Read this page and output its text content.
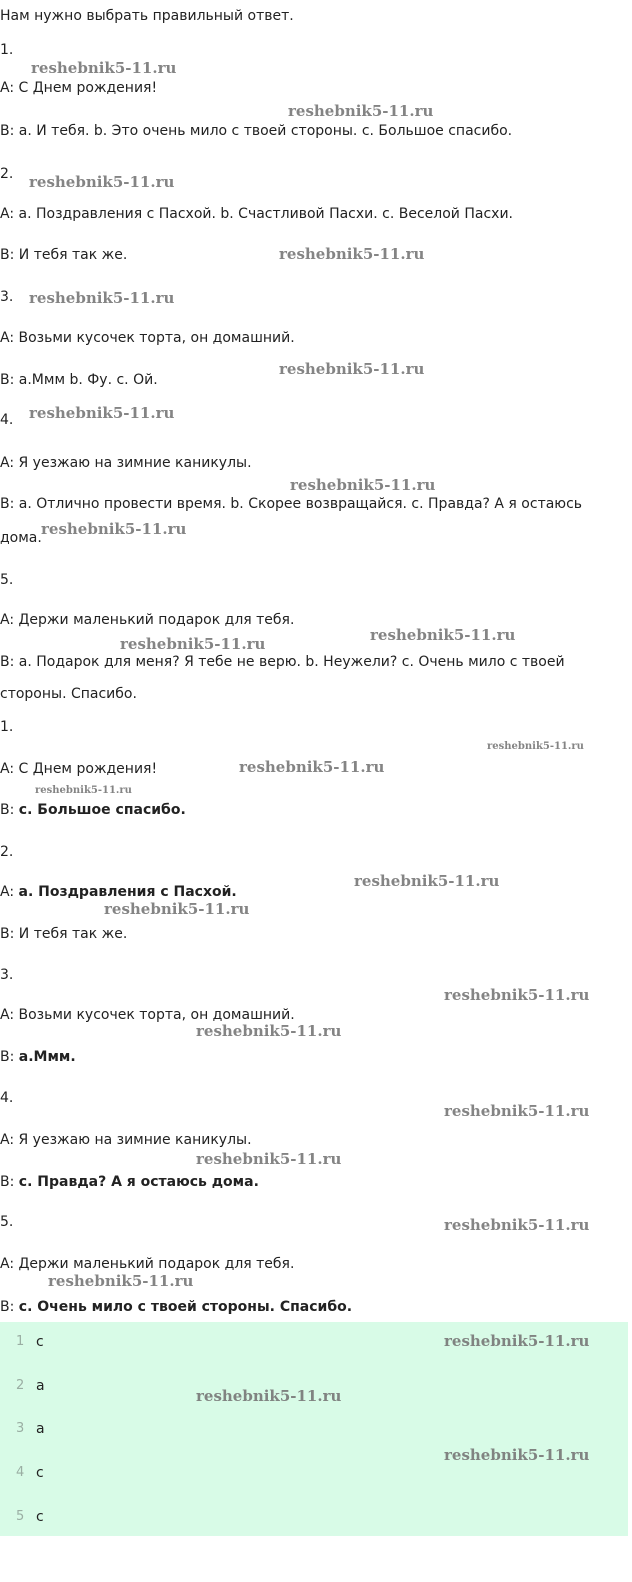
Нам нужно выбрать правильный ответ.
1.
A: С Днем рождения!
B: a. И тебя. b. Это очень мило с твоей стороны. c. Большое спасибо.
2.
A: a. Поздравления с Пасхой. b. Счастливой Пасхи. c. Веселой Пасхи.
B: И тебя так же.
3.
A: Возьми кусочек торта, он домашний.
B: a.Ммм b. Фу. c. Ой.
4.
A: Я уезжаю на зимние каникулы.
B: a. Отлично провести время. b. Скорее возвращайся. c. Правда? А я остаюсь
дома.
5.
A: Держи маленький подарок для тебя.
B: a. Подарок для меня? Я тебе не верю. b. Неужели? c. Очень мило с твоей
стороны. Спасибо.
1.
A: С Днем рождения!
B: c. Большое спасибо.
2.
A: a. Поздравления с Пасхой.
B: И тебя так же.
3.
A: Возьми кусочек торта, он домашний.
B: a.Ммм.
4.
A: Я уезжаю на зимние каникулы.
B: c. Правда? А я остаюсь дома.
5.
A: Держи маленький подарок для тебя.
B: c. Очень мило с твоей стороны. Спасибо.
1 c
2 a
3 a
4 c
5 c
reshebnik5-11.ru
reshebnik5-11.ru
reshebnik5-11.ru
reshebnik5-11.ru
reshebnik5-11.ru
reshebnik5-11.ru
reshebnik5-11.ru
reshebnik5-11.ru
reshebnik5-11.ru
reshebnik5-11.ru
reshebnik5-11.ru
reshebnik5-11.ru
reshebnik5-11.ru
reshebnik5-11.ru
reshebnik5-11.ru
reshebnik5-11.ru
reshebnik5-11.ru
reshebnik5-11.ru
reshebnik5-11.ru
reshebnik5-11.ru
reshebnik5-11.ru
reshebnik5-11.ru
reshebnik5-11.ru
reshebnik5-11.ru
reshebnik5-11.ru
